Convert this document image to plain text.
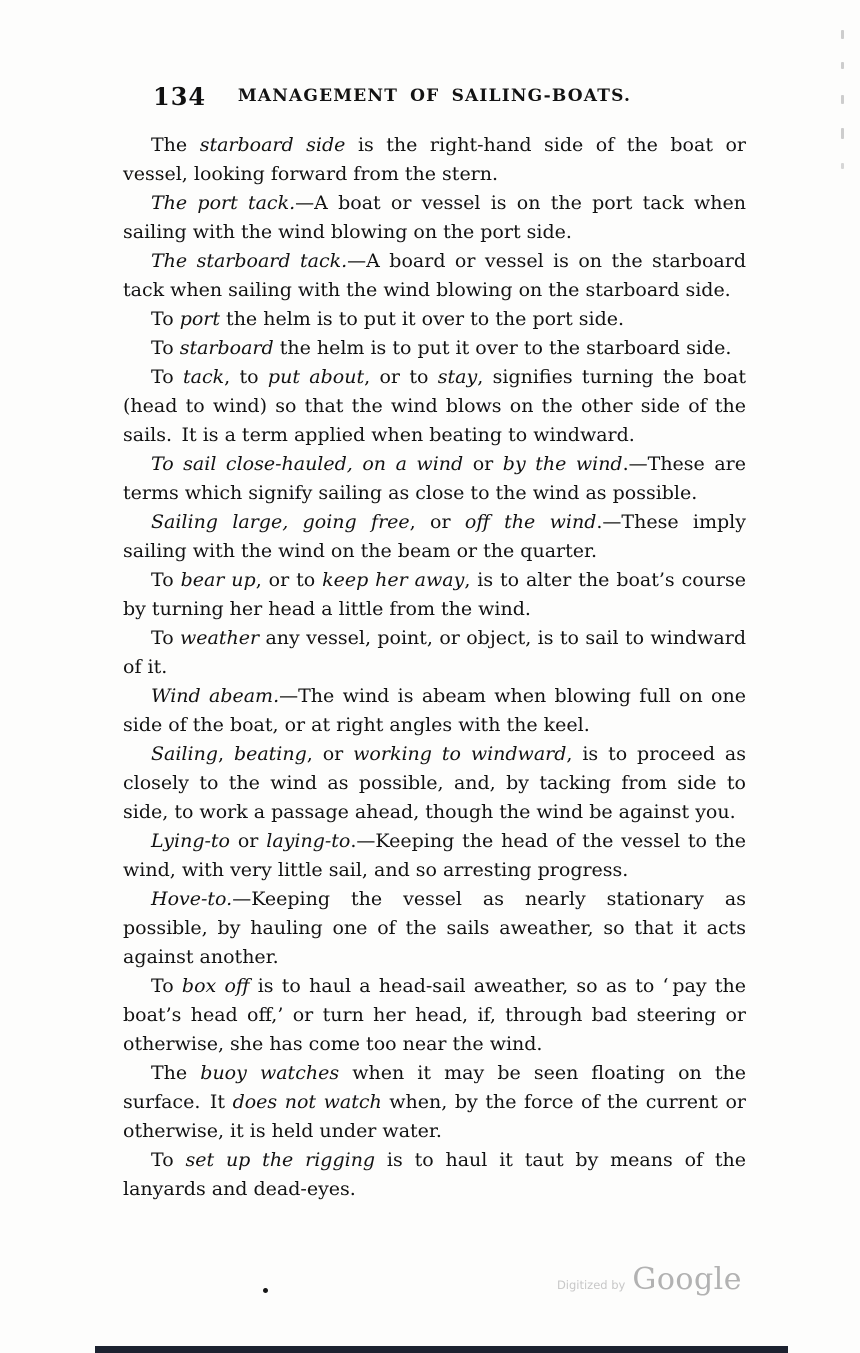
134	MANAGEMENT OF SAILING-BOATS.

The starboard side is the right-hand side of the boat or vessel, looking forward from the stern.

The port tack.—A boat or vessel is on the port tack when sailing with the wind blowing on the port side.

The starboard tack.—A board or vessel is on the starboard tack when sailing with the wind blowing on the starboard side.

To port the helm is to put it over to the port side.

To starboard the helm is to put it over to the starboard side.

To tack, to put about, or to stay, signifies turning the boat (head to wind) so that the wind blows on the other side of the sails. It is a term applied when beating to windward.

To sail close-hauled, on a wind or by the wind.—These are terms which signify sailing as close to the wind as possible.

Sailing large, going free, or off the wind.—These imply sailing with the wind on the beam or the quarter.

To bear up, or to keep her away, is to alter the boat’s course by turning her head a little from the wind.

To weather any vessel, point, or object, is to sail to windward of it.

Wind abeam.—The wind is abeam when blowing full on one side of the boat, or at right angles with the keel.

Sailing, beating, or working to windward, is to proceed as closely to the wind as possible, and, by tacking from side to side, to work a passage ahead, though the wind be against you.

Lying-to or laying-to.—Keeping the head of the vessel to the wind, with very little sail, and so arresting progress.

Hove-to.—Keeping the vessel as nearly stationary as possible, by hauling one of the sails aweather, so that it acts against another.

To box off is to haul a head-sail aweather, so as to ‘ pay the boat’s head off,’ or turn her head, if, through bad steering or otherwise, she has come too near the wind.

The buoy watches when it may be seen floating on the surface. It does not watch when, by the force of the current or otherwise, it is held under water.

To set up the rigging is to haul it taut by means of the lanyards and dead-eyes.

Digitized by Google
